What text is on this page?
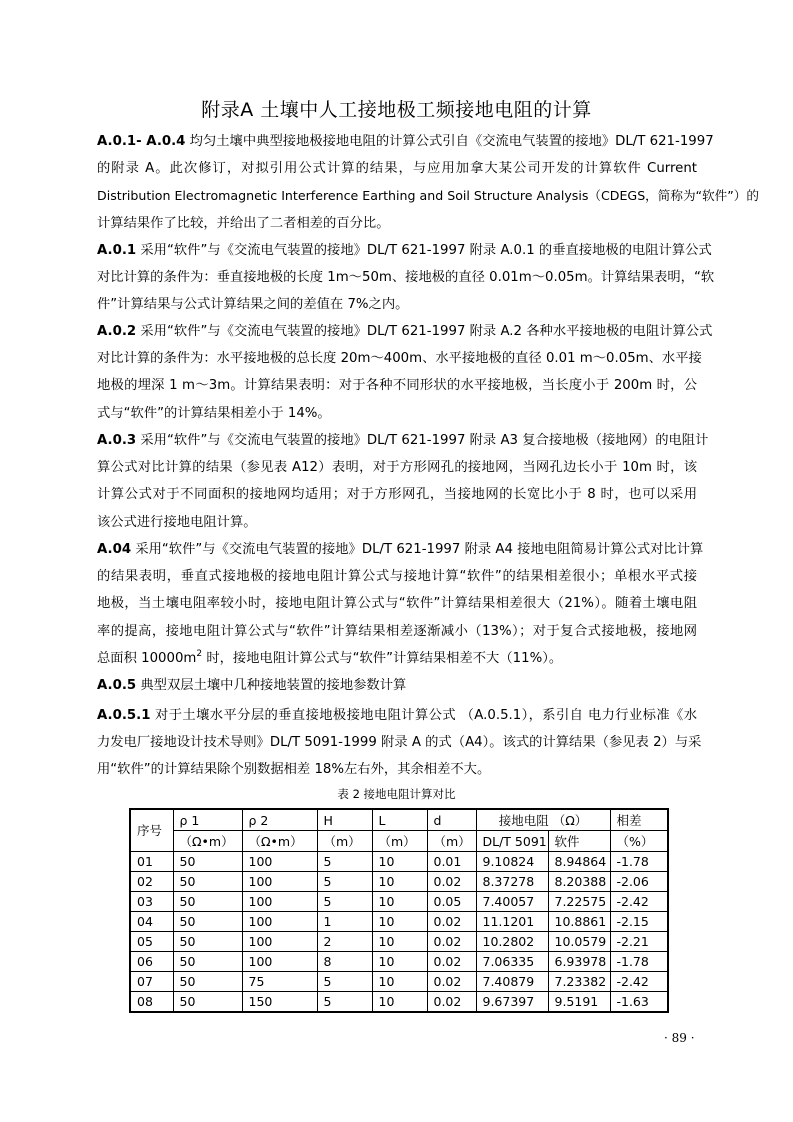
附录A 土壤中人工接地极工频接地电阻的计算
A.0.1- A.0.4 均匀土壤中典型接地极接地电阻的计算公式引自《交流电气装置的接地》DL/T 621-1997
的附录 A。此次修订，对拟引用公式计算的结果，与应用加拿大某公司开发的计算软件 Current
Distribution Electromagnetic Interference Earthing and Soil Structure Analysis（CDEGS，简称为“软件”）的
计算结果作了比较，并给出了二者相差的百分比。
A.0.1 采用“软件”与《交流电气装置的接地》DL/T 621-1997 附录 A.0.1 的垂直接地极的电阻计算公式
对比计算的条件为：垂直接地极的长度 1m～50m、接地极的直径 0.01m～0.05m。计算结果表明，“软
件”计算结果与公式计算结果之间的差值在 7%之内。
A.0.2 采用“软件”与《交流电气装置的接地》DL/T 621-1997 附录 A.2 各种水平接地极的电阻计算公式
对比计算的条件为：水平接地极的总长度 20m～400m、水平接地极的直径 0.01 m～0.05m、水平接
地极的埋深 1 m～3m。计算结果表明：对于各种不同形状的水平接地极，当长度小于 200m 时，公
式与“软件”的计算结果相差小于 14%。
A.0.3 采用“软件”与《交流电气装置的接地》DL/T 621-1997 附录 A3 复合接地极（接地网）的电阻计
算公式对比计算的结果（参见表 A12）表明，对于方形网孔的接地网，当网孔边长小于 10m 时，该
计算公式对于不同面积的接地网均适用；对于方形网孔，当接地网的长宽比小于 8 时，也可以采用
该公式进行接地电阻计算。
A.04 采用“软件”与《交流电气装置的接地》DL/T 621-1997 附录 A4 接地电阻简易计算公式对比计算
的结果表明，垂直式接地极的接地电阻计算公式与接地计算“软件”的结果相差很小；单根水平式接
地极，当土壤电阻率较小时，接地电阻计算公式与“软件”计算结果相差很大（21%）。随着土壤电阻
率的提高，接地电阻计算公式与“软件”计算结果相差逐渐减小（13%）；对于复合式接地极，接地网
总面积 $10000m^2$ 时，接地电阻计算公式与“软件”计算结果相差不大（11%）。
A.0.5 典型双层土壤中几种接地装置的接地参数计算
A.0.5.1 对于土壤水平分层的垂直接地极接地电阻计算公式 （A.0.5.1），系引自 电力行业标准《水
力发电厂接地设计技术导则》DL/T 5091-1999 附录 A 的式（A4）。该式的计算结果（参见表 2）与采
用“软件”的计算结果除个别数据相差 18%左右外，其余相差不大。
表 2 接地电阻计算对比
序号	ρ 1	ρ 2	H	L	d	接地电阻 （Ω）		相差
	（Ω•m）	（Ω•m）	（m）	（m）	（m）	DL/T 5091	软件	（%）
01	50	100	5	10	0.01	9.10824	8.94864	-1.78
02	50	100	5	10	0.02	8.37278	8.20388	-2.06
03	50	100	5	10	0.05	7.40057	7.22575	-2.42
04	50	100	1	10	0.02	11.1201	10.8861	-2.15
05	50	100	2	10	0.02	10.2802	10.0579	-2.21
06	50	100	8	10	0.02	7.06335	6.93978	-1.78
07	50	75	5	10	0.02	7.40879	7.23382	-2.42
08	50	150	5	10	0.02	9.67397	9.5191	-1.63
· 89 ·
